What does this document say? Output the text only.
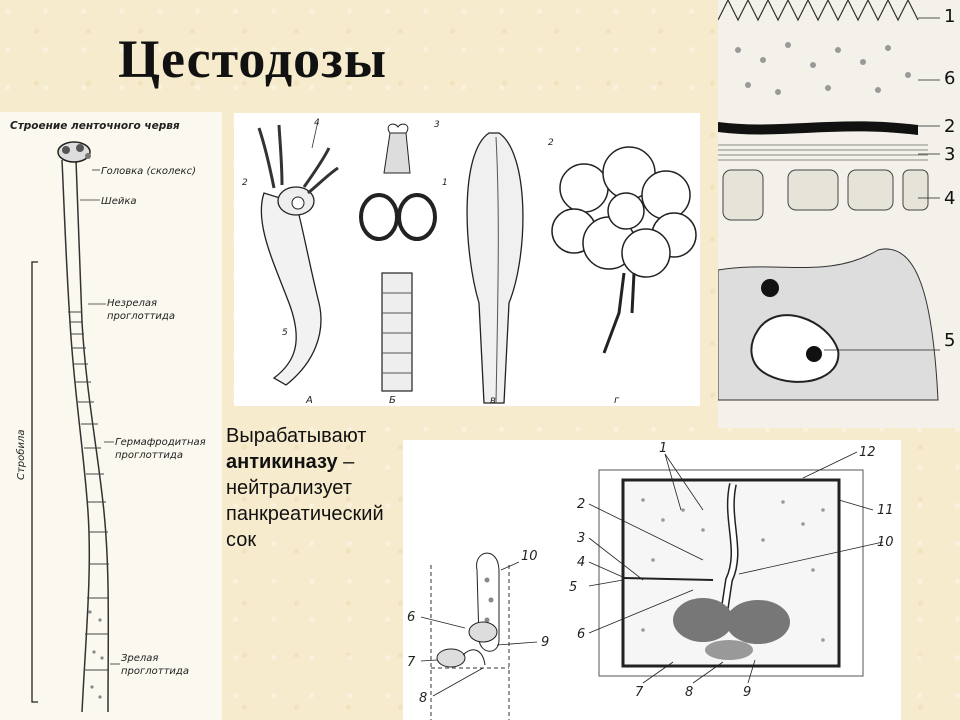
Цестодозы
Строение ленточного червя
Стробила
Головка (сколекс)
Шейка
Незрелая
проглоттида
Гермафродитная
проглоттида
Зрелая
проглоттида
А
4
2
5
Б
3
1
в
2
г
1
6
2
3
4
5
Вырабатывают
антикиназу –
нейтрализует
панкреатический
сок
6
7
8
9
10
1
2
3
4
5
6
7	8	9
10
11
12
